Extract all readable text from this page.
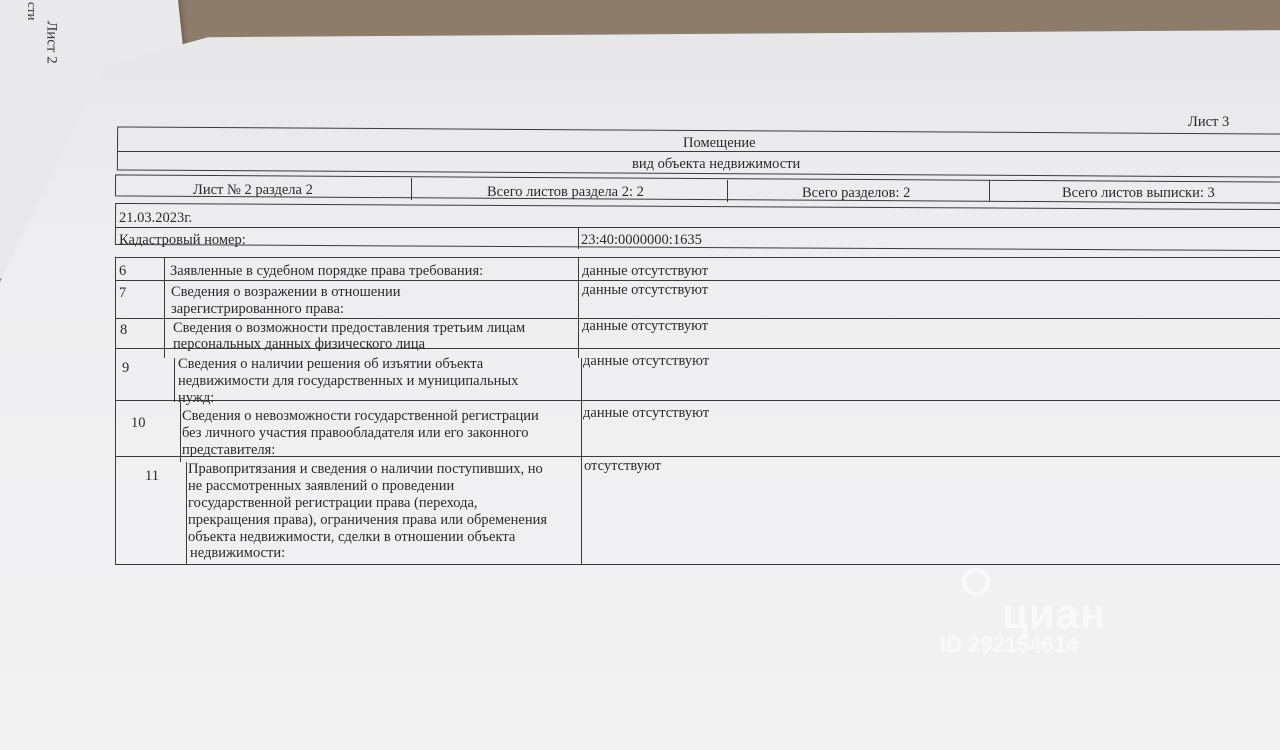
Лист 2
сти
Лист 3
Помещение
вид объекта недвижимости
Лист № 2 раздела 2	Всего листов раздела 2: 2	Всего разделов: 2	Всего листов выписки: 3
21.03.2023г.
Кадастровый номер:	23:40:0000000:1635
6	Заявленные в судебном порядке права требования:	данные отсутствуют
7	Сведения о возражении в отношении
зарегистрированного права:
данные отсутствуют
8	Сведения о возможности предоставления третьим лицам
персональных данных физического лица
данные отсутствуют
9	Сведения о наличии решения об изъятии объекта
недвижимости для государственных и муниципальных
нужд:
данные отсутствуют
10	Сведения о невозможности государственной регистрации
без личного участия правообладателя или его законного
представителя:
данные отсутствуют
11 Правопритязания и сведения о наличии поступивших, но
не рассмотренных заявлений о проведении
государственной регистрации права (перехода,
прекращения права), ограничения права или обременения
объекта недвижимости, сделки в отношении объекта
недвижимости:
отсутствуют
циан
ID 292154614
